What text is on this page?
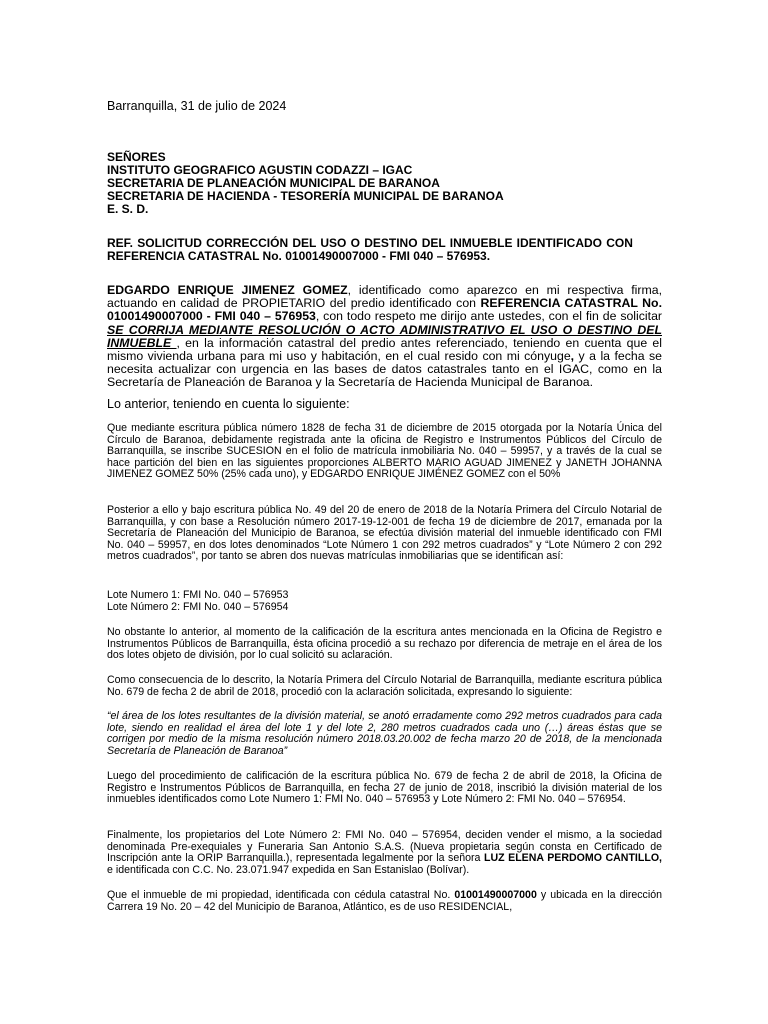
Barranquilla, 31 de julio de 2024
SEÑORES
INSTITUTO GEOGRAFICO AGUSTIN CODAZZI – IGAC
SECRETARIA DE PLANEACIÓN MUNICIPAL DE BARANOA
SECRETARIA DE HACIENDA - TESORERÍA MUNICIPAL DE BARANOA
E. S. D.
REF. SOLICITUD CORRECCIÓN DEL USO O DESTINO DEL INMUEBLE IDENTIFICADO CON
REFERENCIA CATASTRAL No. 01001490007000 - FMI 040 – 576953.

EDGARDO ENRIQUE JIMENEZ GOMEZ, identificado como aparezco en mi respectiva firma, actuando en calidad de PROPIETARIO del predio identificado con REFERENCIA CATASTRAL No. 01001490007000 - FMI 040 – 576953, con todo respeto me dirijo ante ustedes, con el fin de solicitar SE CORRIJA MEDIANTE RESOLUCIÓN O ACTO ADMINISTRATIVO EL USO O DESTINO DEL INMUEBLE , en la información catastral del predio antes referenciado, teniendo en cuenta que el mismo vivienda urbana para mi uso y habitación, en el cual resido con mi cónyuge, y a la fecha se necesita actualizar con urgencia en las bases de datos catastrales tanto en el IGAC, como en la Secretaría de Planeación de Baranoa y la Secretaría de Hacienda Municipal de Baranoa.

Lo anterior, teniendo en cuenta lo siguiente:

Que mediante escritura pública número 1828 de fecha 31 de diciembre de 2015 otorgada por la Notaría Única del Círculo de Baranoa, debidamente registrada ante la oficina de Registro e Instrumentos Públicos del Círculo de Barranquilla, se inscribe SUCESION en el folio de matrícula inmobiliaria No. 040 – 59957, y a través de la cual se hace partición del bien en las siguientes proporciones ALBERTO MARIO AGUAD JIMENEZ y JANETH JOHANNA JIMENEZ GOMEZ 50% (25% cada uno), y EDGARDO ENRIQUE JIMÉNEZ GOMEZ con el 50%

Posterior a ello y bajo escritura pública No. 49 del 20 de enero de 2018 de la Notaría Primera del Círculo Notarial de Barranquilla, y con base a Resolución número 2017-19-12-001 de fecha 19 de diciembre de 2017, emanada por la Secretaría de Planeación del Municipio de Baranoa, se efectúa división material del inmueble identificado con FMI No. 040 – 59957, en dos lotes denominados “Lote Número 1 con 292 metros cuadrados” y “Lote Número 2 con 292 metros cuadrados”, por tanto se abren dos nuevas matrículas inmobiliarias que se identifican así:

Lote Numero 1: FMI No. 040 – 576953
Lote Número 2: FMI No. 040 – 576954

No obstante lo anterior, al momento de la calificación de la escritura antes mencionada en la Oficina de Registro e Instrumentos Públicos de Barranquilla, ésta oficina procedió a su rechazo por diferencia de metraje en el área de los dos lotes objeto de división, por lo cual solicitó su aclaración.

Como consecuencia de lo descrito, la Notaría Primera del Círculo Notarial de Barranquilla, mediante escritura pública No. 679 de fecha 2 de abril de 2018, procedió con la aclaración solicitada, expresando lo siguiente:

“el área de los lotes resultantes de la división material, se anotó erradamente como 292 metros cuadrados para cada lote, siendo en realidad el área del lote 1 y del lote 2, 280 metros cuadrados cada uno (…) áreas éstas que se corrigen por medio de la misma resolución número 2018.03.20.002 de fecha marzo 20 de 2018, de la mencionada Secretaría de Planeación de Baranoa”

Luego del procedimiento de calificación de la escritura pública No. 679 de fecha 2 de abril de 2018, la Oficina de Registro e Instrumentos Públicos de Barranquilla, en fecha 27 de junio de 2018, inscribió la división material de los inmuebles identificados como Lote Numero 1: FMI No. 040 – 576953 y Lote Número 2: FMI No. 040 – 576954.

Finalmente, los propietarios del Lote Número 2: FMI No. 040 – 576954, deciden vender el mismo, a la sociedad denominada Pre-exequiales y Funeraria San Antonio S.A.S. (Nueva propietaria según consta en Certificado de Inscripción ante la ORIP Barranquilla.), representada legalmente por la señora LUZ ELENA PERDOMO CANTILLO, e identificada con C.C. No. 23.071.947 expedida en San Estanislao (Bolívar).

Que el inmueble de mi propiedad, identificada con cédula catastral No. 01001490007000 y ubicada en la dirección Carrera 19 No. 20 – 42 del Municipio de Baranoa, Atlántico, es de uso RESIDENCIAL,
